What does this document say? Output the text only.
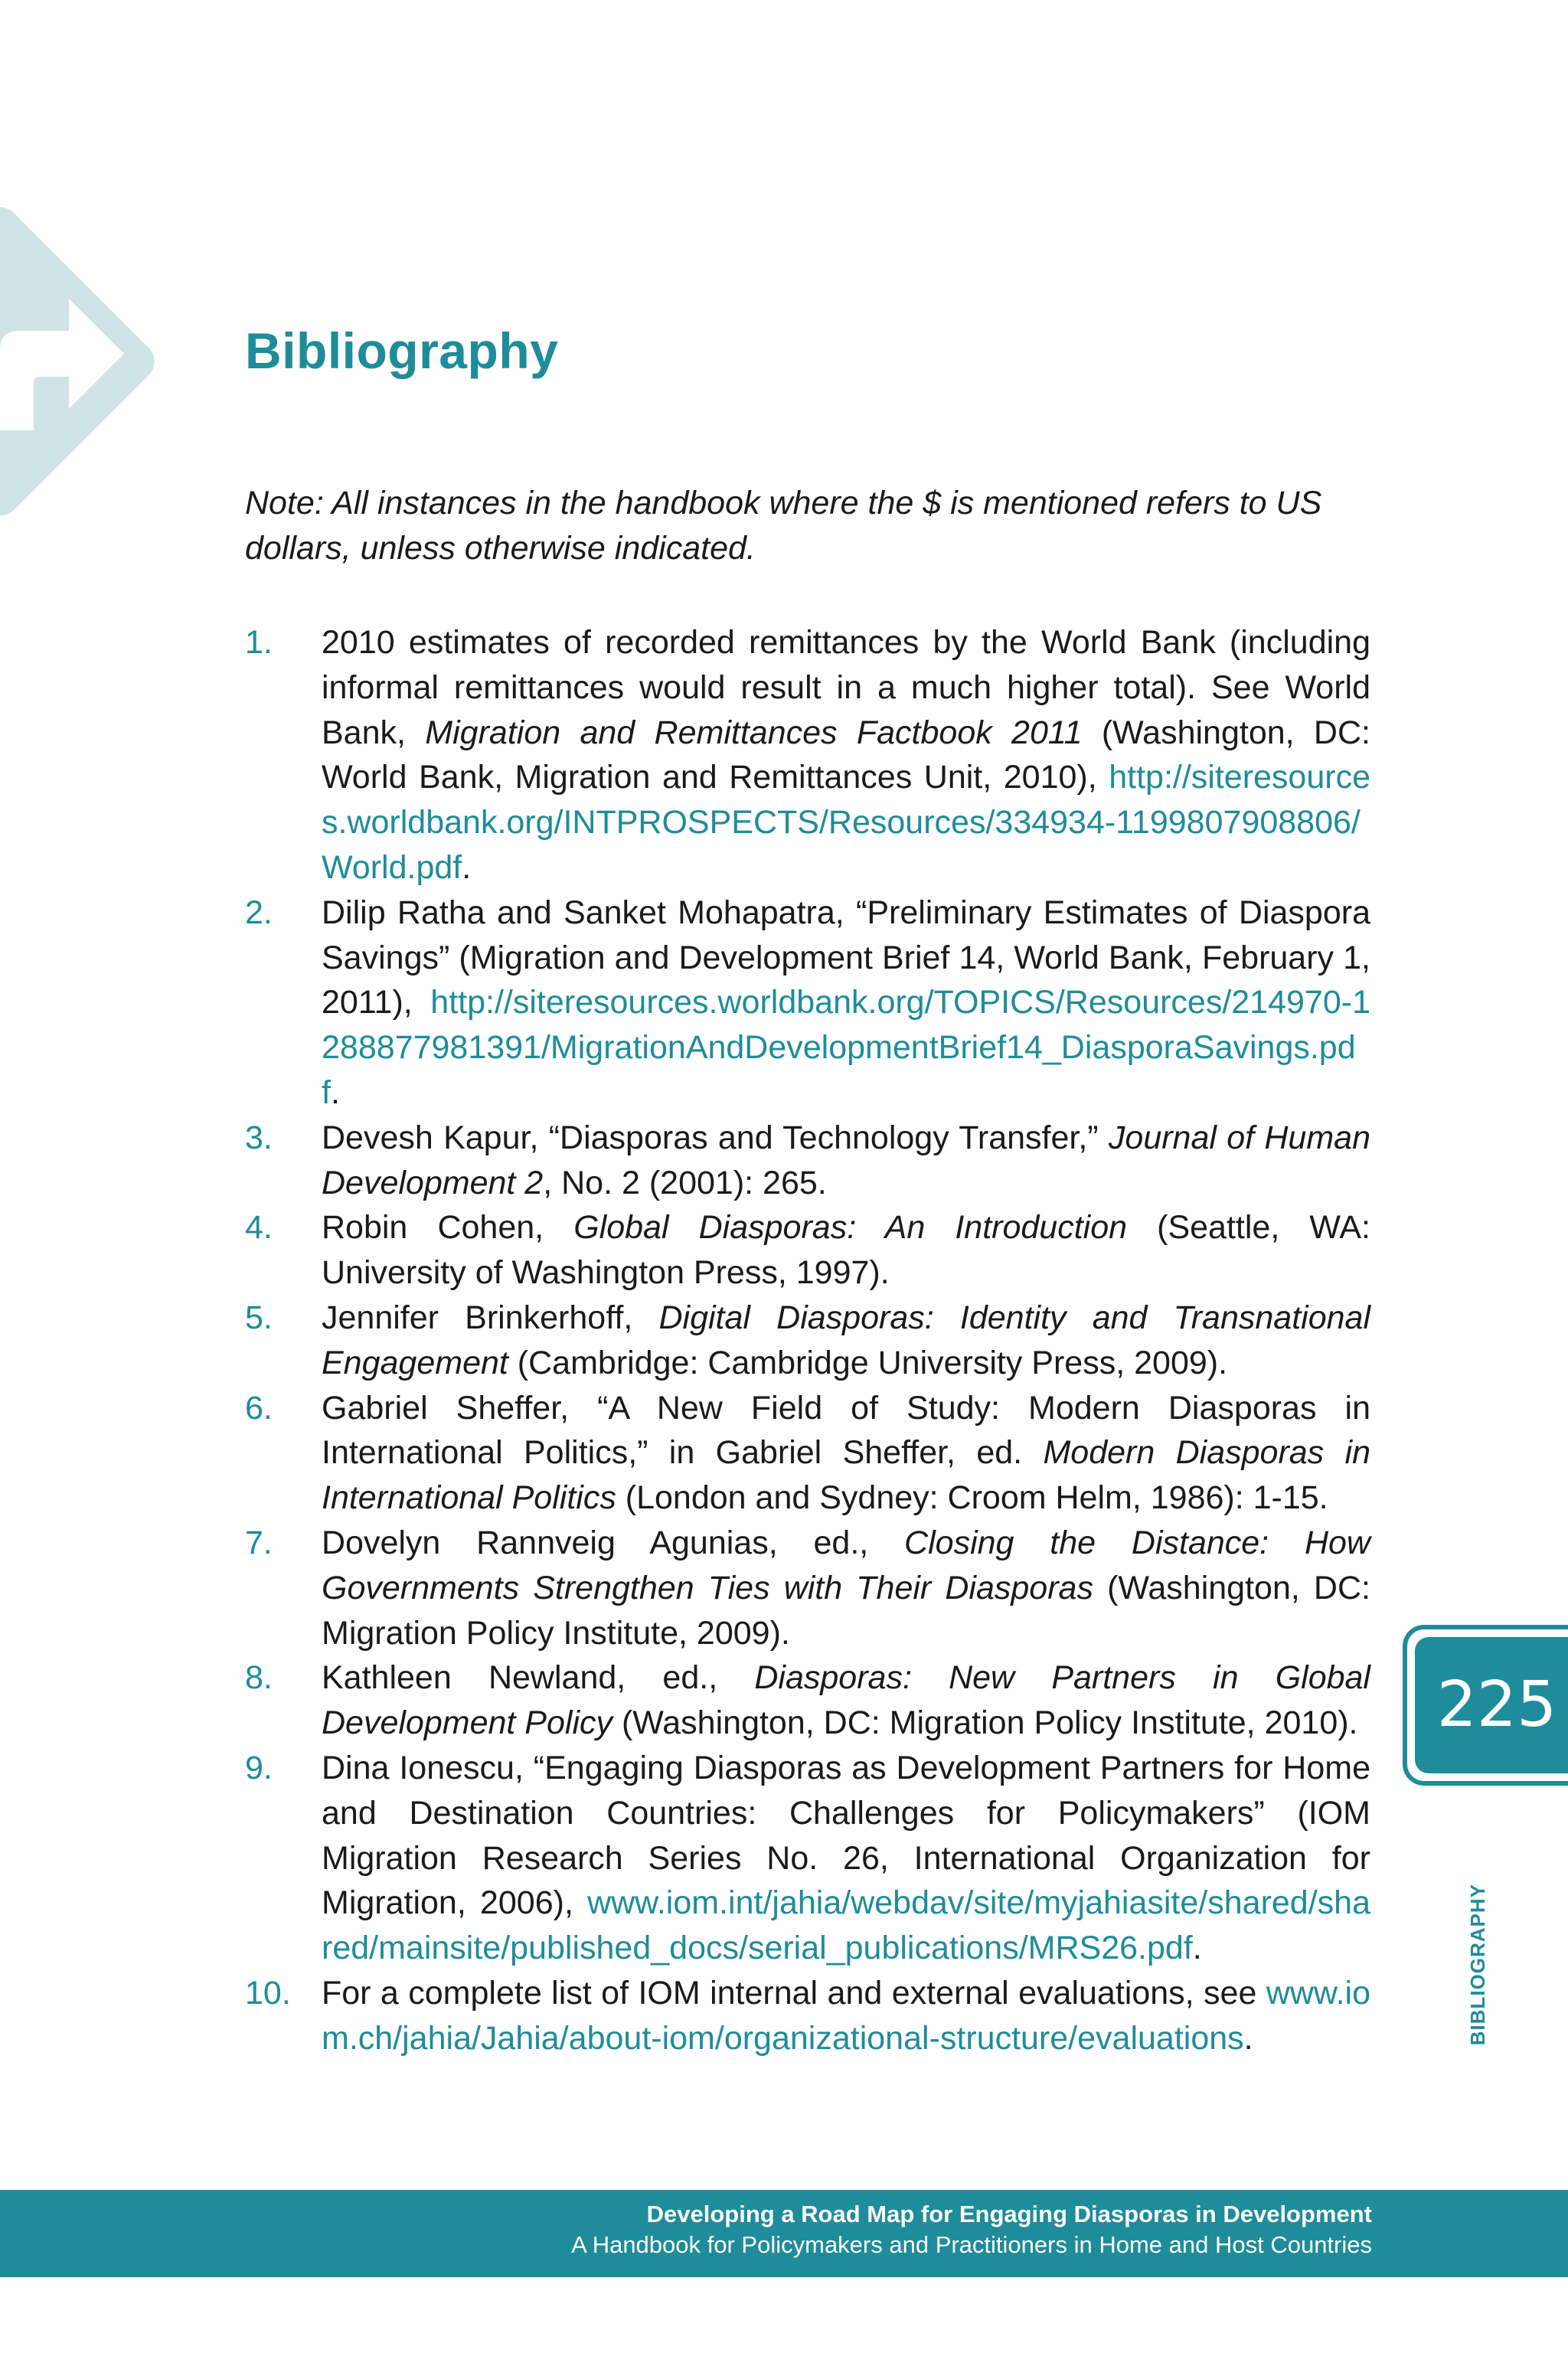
Bibliography

Note: All instances in the handbook where the $ is mentioned refers to US dollars, unless otherwise indicated.

1. 2010 estimates of recorded remittances by the World Bank (including informal remittances would result in a much higher total). See World Bank, Migration and Remittances Factbook 2011 (Washington, DC: World Bank, Migration and Remittances Unit, 2010), http://siteresources.worldbank.org/INTPROSPECTS/Resources/334934-1199807908806/World.pdf.
2. Dilip Ratha and Sanket Mohapatra, “Preliminary Estimates of Diaspora Savings” (Migration and Development Brief 14, World Bank, February 1, 2011), http://siteresources.worldbank.org/TOPICS/Resources/214970-1288877981391/MigrationAndDevelopmentBrief14_DiasporaSavings.pdf.
3. Devesh Kapur, “Diasporas and Technology Transfer,” Journal of Human Development 2, No. 2 (2001): 265.
4. Robin Cohen, Global Diasporas: An Introduction (Seattle, WA: University of Washington Press, 1997).
5. Jennifer Brinkerhoff, Digital Diasporas: Identity and Transnational Engagement (Cambridge: Cambridge University Press, 2009).
6. Gabriel Sheffer, “A New Field of Study: Modern Diasporas in International Politics,” in Gabriel Sheffer, ed. Modern Diasporas in International Politics (London and Sydney: Croom Helm, 1986): 1-15.
7. Dovelyn Rannveig Agunias, ed., Closing the Distance: How Governments Strengthen Ties with Their Diasporas (Washington, DC: Migration Policy Institute, 2009).
8. Kathleen Newland, ed., Diasporas: New Partners in Global Development Policy (Washington, DC: Migration Policy Institute, 2010).
9. Dina Ionescu, “Engaging Diasporas as Development Partners for Home and Destination Countries: Challenges for Policymakers” (IOM Migration Research Series No. 26, International Organization for Migration, 2006), www.iom.int/jahia/webdav/site/myjahiasite/shared/shared/mainsite/published_docs/serial_publications/MRS26.pdf.
10. For a complete list of IOM internal and external evaluations, see www.iom.ch/jahia/Jahia/about-iom/organizational-structure/evaluations.
225
BIBLIOGRAPHY
Developing a Road Map for Engaging Diasporas in Development
A Handbook for Policymakers and Practitioners in Home and Host Countries
